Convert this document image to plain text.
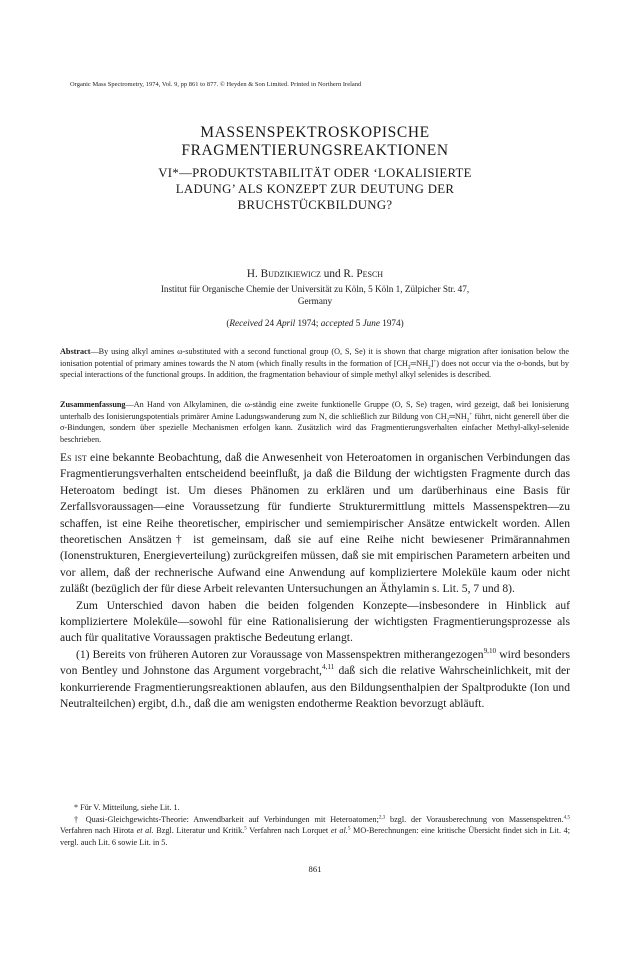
Organic Mass Spectrometry, 1974, Vol. 9, pp 861 to 877. © Heyden & Son Limited. Printed in Northern Ireland
MASSENSPEKTROSKOPISCHE
FRAGMENTIERUNGSREAKTIONEN
VI*—PRODUKTSTABILITÄT ODER ‘LOKALISIERTE
LADUNG’ ALS KONZEPT ZUR DEUTUNG DER
BRUCHSTÜCKBILDUNG?
H. Budzikiewicz und R. Pesch
Institut für Organische Chemie der Universität zu Köln, 5 Köln 1, Zülpicher Str. 47,
Germany
(Received 24 April 1974; accepted 5 June 1974)
Abstract—By using alkyl amines ω-substituted with a second functional group (O, S, Se) it is shown that charge migration after ionisation below the ionisation potential of primary amines towards the N atom (which finally results in the formation of $[CH_2═NH_2]^+$) does not occur via the σ-bonds, but by special interactions of the functional groups. In addition, the fragmentation behaviour of simple methyl alkyl selenides is described.
Zusammenfassung—An Hand von Alkylaminen, die ω-ständig eine zweite funktionelle Gruppe (O, S, Se) tragen, wird gezeigt, daß bei Ionisierung unterhalb des Ionisierungspotentials primärer Amine Ladungswanderung zum N, die schließlich zur Bildung von $CH_2═NH_2^+$ führt, nicht generell über die σ-Bindungen, sondern über spezielle Mechanismen erfolgen kann. Zusätzlich wird das Fragmentierungsverhalten einfacher Methyl-alkyl-selenide beschrieben.

Es ist eine bekannte Beobachtung, daß die Anwesenheit von Heteroatomen in organischen Verbindungen das Fragmentierungsverhalten entscheidend beeinflußt, ja daß die Bildung der wichtigsten Fragmente durch das Heteroatom bedingt ist. Um dieses Phänomen zu erklären und um darüberhinaus eine Basis für Zerfallsvoraussagen—eine Voraussetzung für fundierte Strukturermittlung mittels Massenspektren—zu schaffen, ist eine Reihe theoretischer, empirischer und semiempirischer Ansätze entwickelt worden. Allen theoretischen Ansätzen† ist gemeinsam, daß sie auf eine Reihe nicht bewiesener Primärannahmen (Ionenstrukturen, Energieverteilung) zurückgreifen müssen, daß sie mit empirischen Parametern arbeiten und vor allem, daß der rechnerische Aufwand eine Anwendung auf kompliziertere Moleküle kaum oder nicht zuläßt (bezüglich der für diese Arbeit relevanten Untersuchungen an Äthylamin s. Lit. 5, 7 und 8).

Zum Unterschied davon haben die beiden folgenden Konzepte—insbesondere in Hinblick auf kompliziertere Moleküle—sowohl für eine Rationalisierung der wichtigsten Fragmentierungsprozesse als auch für qualitative Voraussagen praktische Bedeutung erlangt.

(1) Bereits von früheren Autoren zur Voraussage von Massenspektren mitherangezogen$^{9,10}$ wird besonders von Bentley und Johnstone das Argument vorgebracht,$^{4,11}$ daß sich die relative Wahrscheinlichkeit, mit der konkurrierende Fragmentierungsreaktionen ablaufen, aus den Bildungsenthalpien der Spaltprodukte (Ion und Neutralteilchen) ergibt, d.h., daß die am wenigsten endotherme Reaktion bevorzugt abläuft.

* Für V. Mitteilung, siehe Lit. 1.

† Quasi-Gleichgewichts-Theorie: Anwendbarkeit auf Verbindungen mit Heteroatomen;$^{2,3}$ bzgl. der Vorausberechnung von Massenspektren.$^{4,5}$ Verfahren nach Hirota et al. Bzgl. Literatur und Kritik.$^5$ Verfahren nach Lorquet et al.$^5$ MO-Berechnungen: eine kritische Übersicht findet sich in Lit. 4; vergl. auch Lit. 6 sowie Lit. in 5.

861
